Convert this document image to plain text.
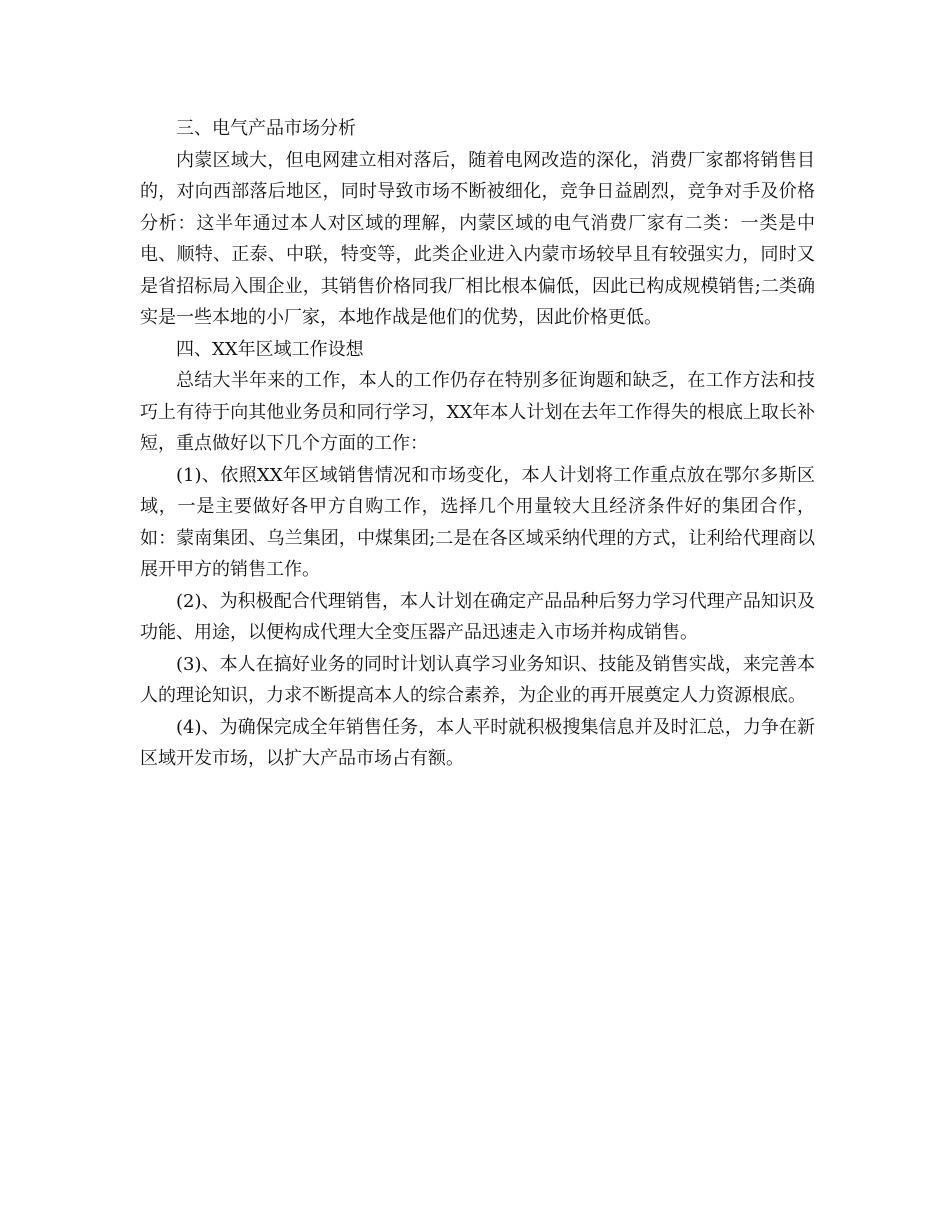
三、电气产品市场分析

内蒙区域大，但电网建立相对落后，随着电网改造的深化，消费厂家都将销售目的，对向西部落后地区，同时导致市场不断被细化，竞争日益剧烈，竞争对手及价格分析：这半年通过本人对区域的理解，内蒙区域的电气消费厂家有二类：一类是中电、顺特、正泰、中联，特变等，此类企业进入内蒙市场较早且有较强实力，同时又是省招标局入围企业，其销售价格同我厂相比根本偏低，因此已构成规模销售;二类确实是一些本地的小厂家，本地作战是他们的优势，因此价格更低。

四、XX年区域工作设想

总结大半年来的工作，本人的工作仍存在特别多征询题和缺乏，在工作方法和技巧上有待于向其他业务员和同行学习，XX年本人计划在去年工作得失的根底上取长补短，重点做好以下几个方面的工作：

(1)、依照XX年区域销售情况和市场变化，本人计划将工作重点放在鄂尔多斯区域，一是主要做好各甲方自购工作，选择几个用量较大且经济条件好的集团合作，如：蒙南集团、乌兰集团，中煤集团;二是在各区域采纳代理的方式，让利给代理商以展开甲方的销售工作。

(2)、为积极配合代理销售，本人计划在确定产品品种后努力学习代理产品知识及功能、用途，以便构成代理大全变压器产品迅速走入市场并构成销售。

(3)、本人在搞好业务的同时计划认真学习业务知识、技能及销售实战，来完善本人的理论知识，力求不断提高本人的综合素养，为企业的再开展奠定人力资源根底。

(4)、为确保完成全年销售任务，本人平时就积极搜集信息并及时汇总，力争在新区域开发市场，以扩大产品市场占有额。
